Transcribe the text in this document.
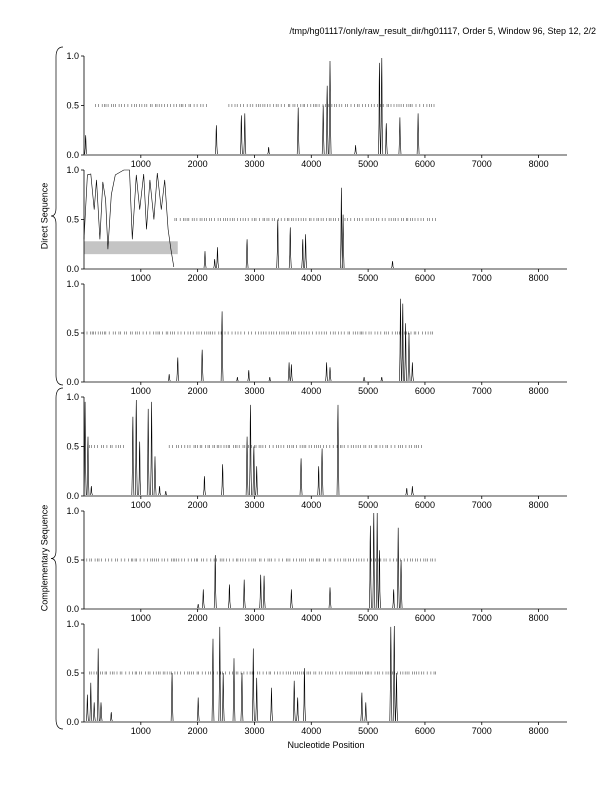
/tmp/hg01117/only/raw_result_dir/hg01117, Order 5, Window 96, Step 12, 2/2
0.0
0.5
1.0
1000	2000	3000	4000	5000	6000	7000	8000
0.0
0.5
1.0
1000	2000	3000	4000	5000	6000	7000	8000
0.0
0.5
1.0
1000	2000	3000	4000	5000	6000	7000	8000
0.0
0.5
1.0
1000	2000	3000	4000	5000	6000	7000	8000
0.0
0.5
1.0
1000	2000	3000	4000	5000	6000	7000	8000
0.0
0.5
1.0
1000	2000	3000	4000	5000	6000	7000	8000
Nucleotide Position
Direct Sequence
Complementary Sequence
